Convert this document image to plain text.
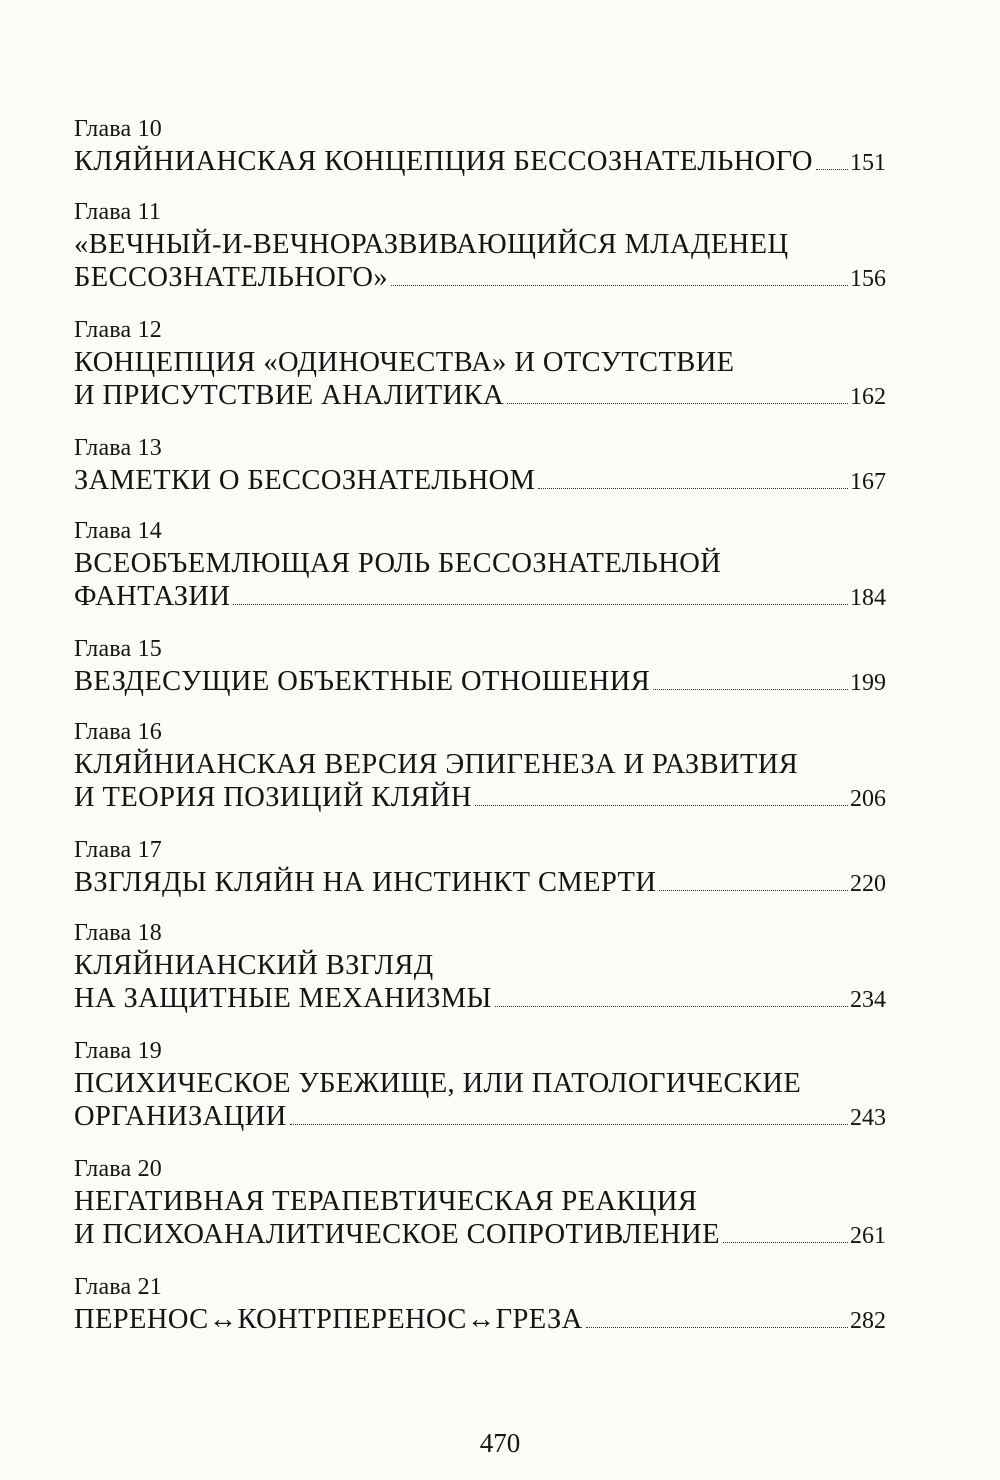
Глава 10
КЛЯЙНИАНСКАЯ КОНЦЕПЦИЯ БЕССОЗНАТЕЛЬНОГО 151
Глава 11
«ВЕЧНЫЙ-И-ВЕЧНОРАЗВИВАЮЩИЙСЯ МЛАДЕНЕЦ
БЕССОЗНАТЕЛЬНОГО»	156
Глава 12
КОНЦЕПЦИЯ «ОДИНОЧЕСТВА» И ОТСУТСТВИЕ
И ПРИСУТСТВИЕ АНАЛИТИКА	162
Глава 13
ЗАМЕТКИ О БЕССОЗНАТЕЛЬНОМ	167
Глава 14
ВСЕОБЪЕМЛЮЩАЯ РОЛЬ БЕССОЗНАТЕЛЬНОЙ
ФАНТАЗИИ	184
Глава 15
ВЕЗДЕСУЩИЕ ОБЪЕКТНЫЕ ОТНОШЕНИЯ	199
Глава 16
КЛЯЙНИАНСКАЯ ВЕРСИЯ ЭПИГЕНЕЗА И РАЗВИТИЯ
И ТЕОРИЯ ПОЗИЦИЙ КЛЯЙН	206
Глава 17
ВЗГЛЯДЫ КЛЯЙН НА ИНСТИНКТ СМЕРТИ	220
Глава 18
КЛЯЙНИАНСКИЙ ВЗГЛЯД
НА ЗАЩИТНЫЕ МЕХАНИЗМЫ	234
Глава 19
ПСИХИЧЕСКОЕ УБЕЖИЩЕ, ИЛИ ПАТОЛОГИЧЕСКИЕ
ОРГАНИЗАЦИИ	243
Глава 20
НЕГАТИВНАЯ ТЕРАПЕВТИЧЕСКАЯ РЕАКЦИЯ
И ПСИХОАНАЛИТИЧЕСКОЕ СОПРОТИВЛЕНИЕ	261
Глава 21
ПЕРЕНОС↔КОНТРПЕРЕНОС↔ГРЕЗА	282
470
